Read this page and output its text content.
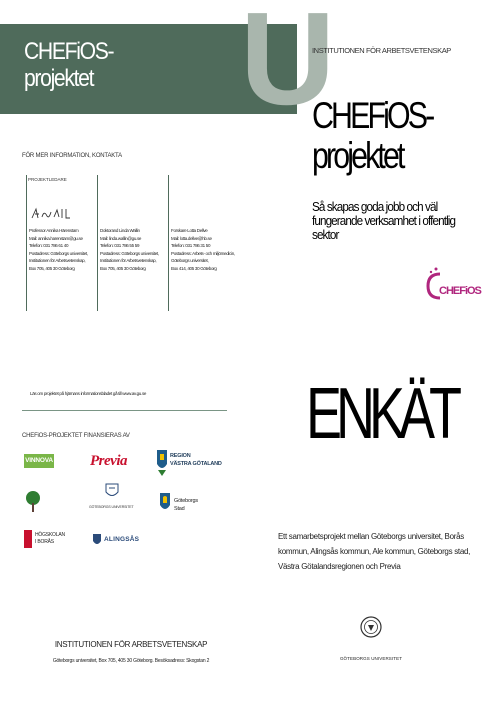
U
CHEFiOS-
projektet
FÖR MER INFORMATION, KONTAKTA
PROJEKTLEDARE
Professor Annika Härenstam
Mail: annika.harenstam@gu.se
Telefon: 031 786 61 40
Postadress: Göteborgs universitet,
Institutionen för Arbetsvetenskap,
Box 705, 405 30 Göteborg
Doktorand Linda Wallin
Mail: linda.wallin@gu.se
Telefon: 031 786 55 59
Postadress: Göteborgs universitet,
Institutionen för Arbetsvetenskap,
Box 705, 405 30 Göteborg
Forskare Lotta Dellve
Mail: lotta.dellve@hb.se
Telefon: 031 786 31 50
Postadress: Arbets- och miljömedicin,
Göteborgs universitet,
Box 414, 405 30 Göteborg
Läs om projektet på hjärnans informationsbladet gå till www.av.gu.se
CHEFiOS-PROJEKTET FINANSIERAS AV
VINNOVA Previa	REGION
VÄSTRA GÖTALAND
GÖTEBORGS UNIVERSITET
Göteborgs
Stad
HÖGSKOLAN
I BORÅS	ALINGSÅS
INSTITUTIONEN FÖR ARBETSVETENSKAP
Göteborgs universitet, Box 705, 405 30 Göteborg. Besöksadress: Skogstan 2
INSTITUTIONEN FÖR ARBETSVETENSKAP
CHEFiOS-
projektet
Så skapas goda jobb och väl fungerande verksamhet i offentlig sektor
CHEFiOS
ENKÄT
Ett samarbetsprojekt mellan Göteborgs universitet, Borås kommun, Alingsås kommun, Ale kommun, Göteborgs stad, Västra Götalandsregionen och Previa
GÖTEBORGS UNIVERSITET
